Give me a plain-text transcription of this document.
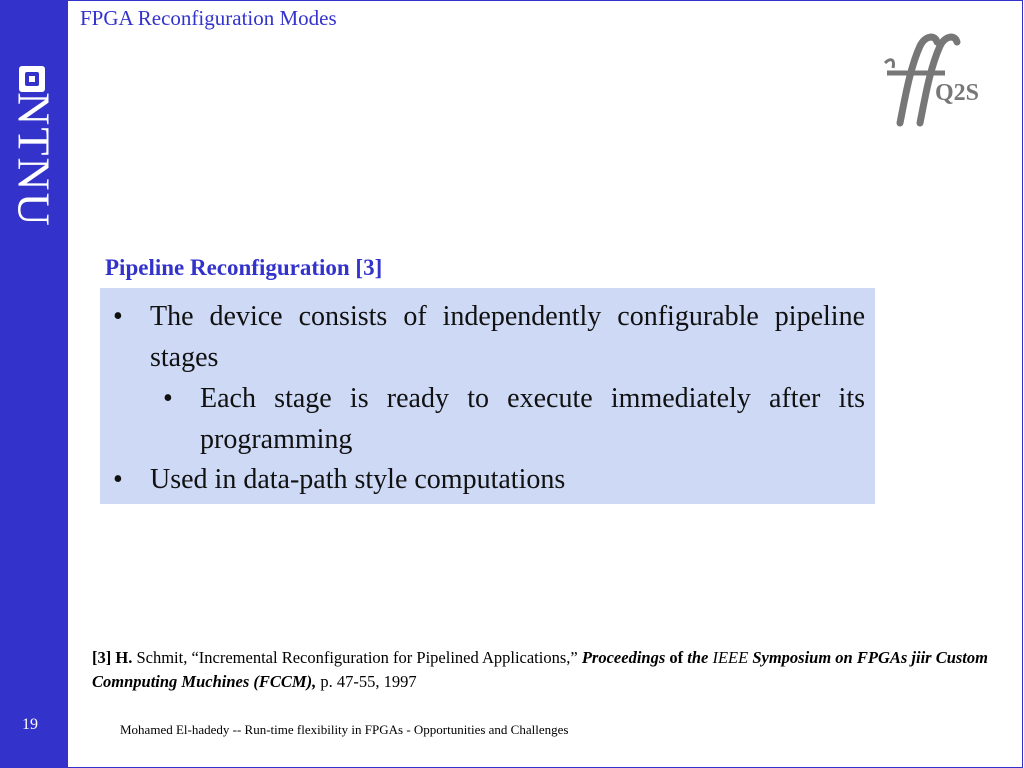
NTNU
19
FPGA Reconfiguration Modes
Q2S
Pipeline Reconfiguration [3]
• The device consists of independently configurable pipeline stages
• Each stage is ready to execute immediately after its programming
• Used in data-path style computations
[3] H. Schmit, “Incremental Reconfiguration for Pipelined Applications,” Proceedings of the IEEE Symposium on FPGAs jiir Custom Comnputing Muchines (FCCM), p. 47-55, 1997
Mohamed El-hadedy -- Run-time flexibility in FPGAs - Opportunities and Challenges
